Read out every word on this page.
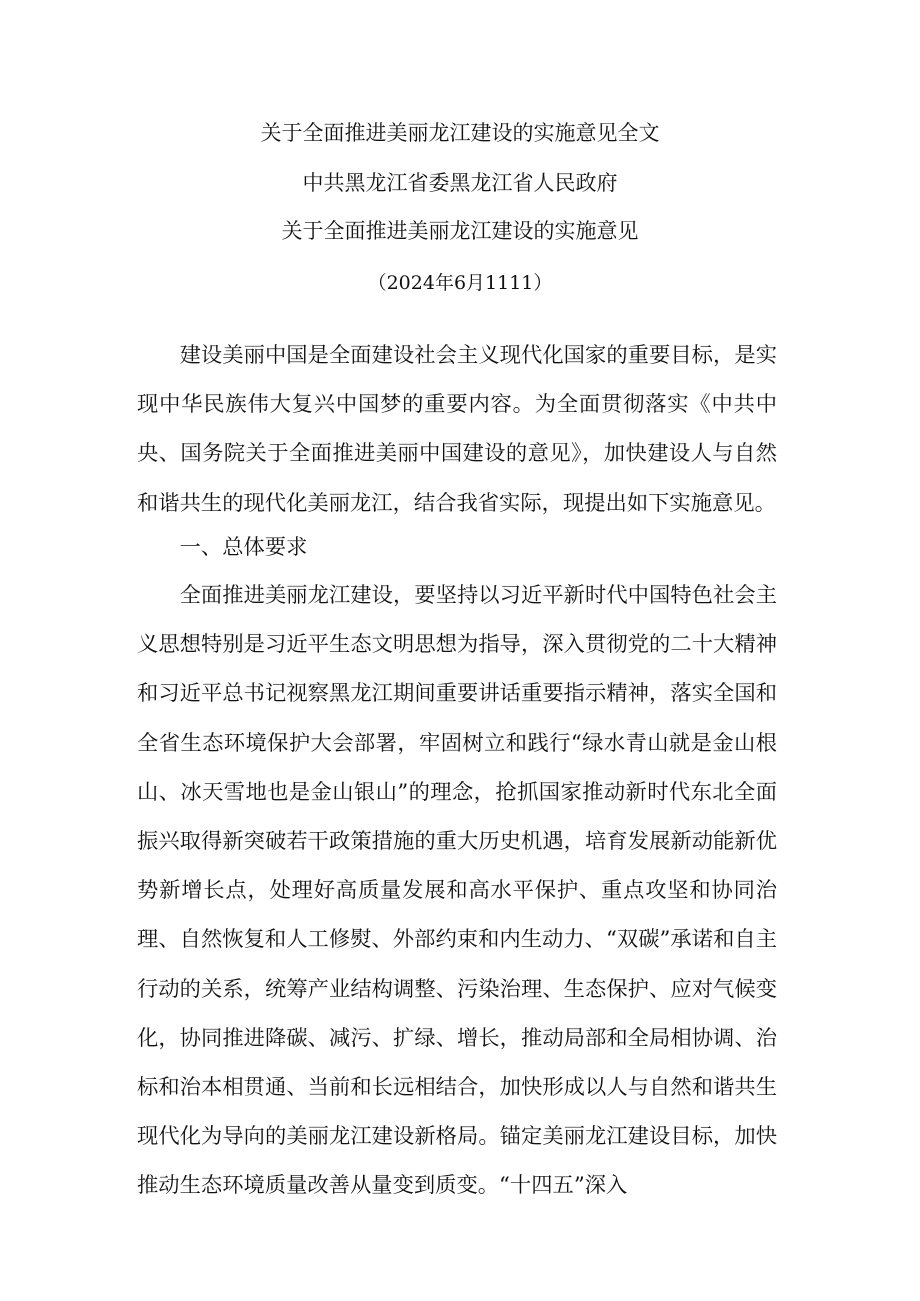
关于全面推进美丽龙江建设的实施意见全文
中共黑龙江省委黑龙江省人民政府
关于全面推进美丽龙江建设的实施意见
（2024年6月1111）

建设美丽中国是全面建设社会主义现代化国家的重要目标，是实现中华民族伟大复兴中国梦的重要内容。为全面贯彻落实《中共中央、国务院关于全面推进美丽中国建设的意见》，加快建设人与自然和谐共生的现代化美丽龙江，结合我省实际，现提出如下实施意见。

一、总体要求

全面推进美丽龙江建设，要坚持以习近平新时代中国特色社会主义思想特别是习近平生态文明思想为指导，深入贯彻党的二十大精神和习近平总书记视察黑龙江期间重要讲话重要指示精神，落实全国和全省生态环境保护大会部署，牢固树立和践行“绿水青山就是金山根山、冰天雪地也是金山银山”的理念，抢抓国家推动新时代东北全面振兴取得新突破若干政策措施的重大历史机遇，培育发展新动能新优势新增长点，处理好高质量发展和高水平保护、重点攻坚和协同治理、自然恢复和人工修熨、外部约束和内生动力、“双碳”承诺和自主行动的关系，统筹产业结构调整、污染治理、生态保护、应对气候变化，协同推进降碳、减污、扩绿、增长，推动局部和全局相协调、治标和治本相贯通、当前和长远相结合，加快形成以人与自然和谐共生现代化为导向的美丽龙江建设新格局。锚定美丽龙江建设目标，加快推动生态环境质量改善从量变到质变。“十四五”深入
